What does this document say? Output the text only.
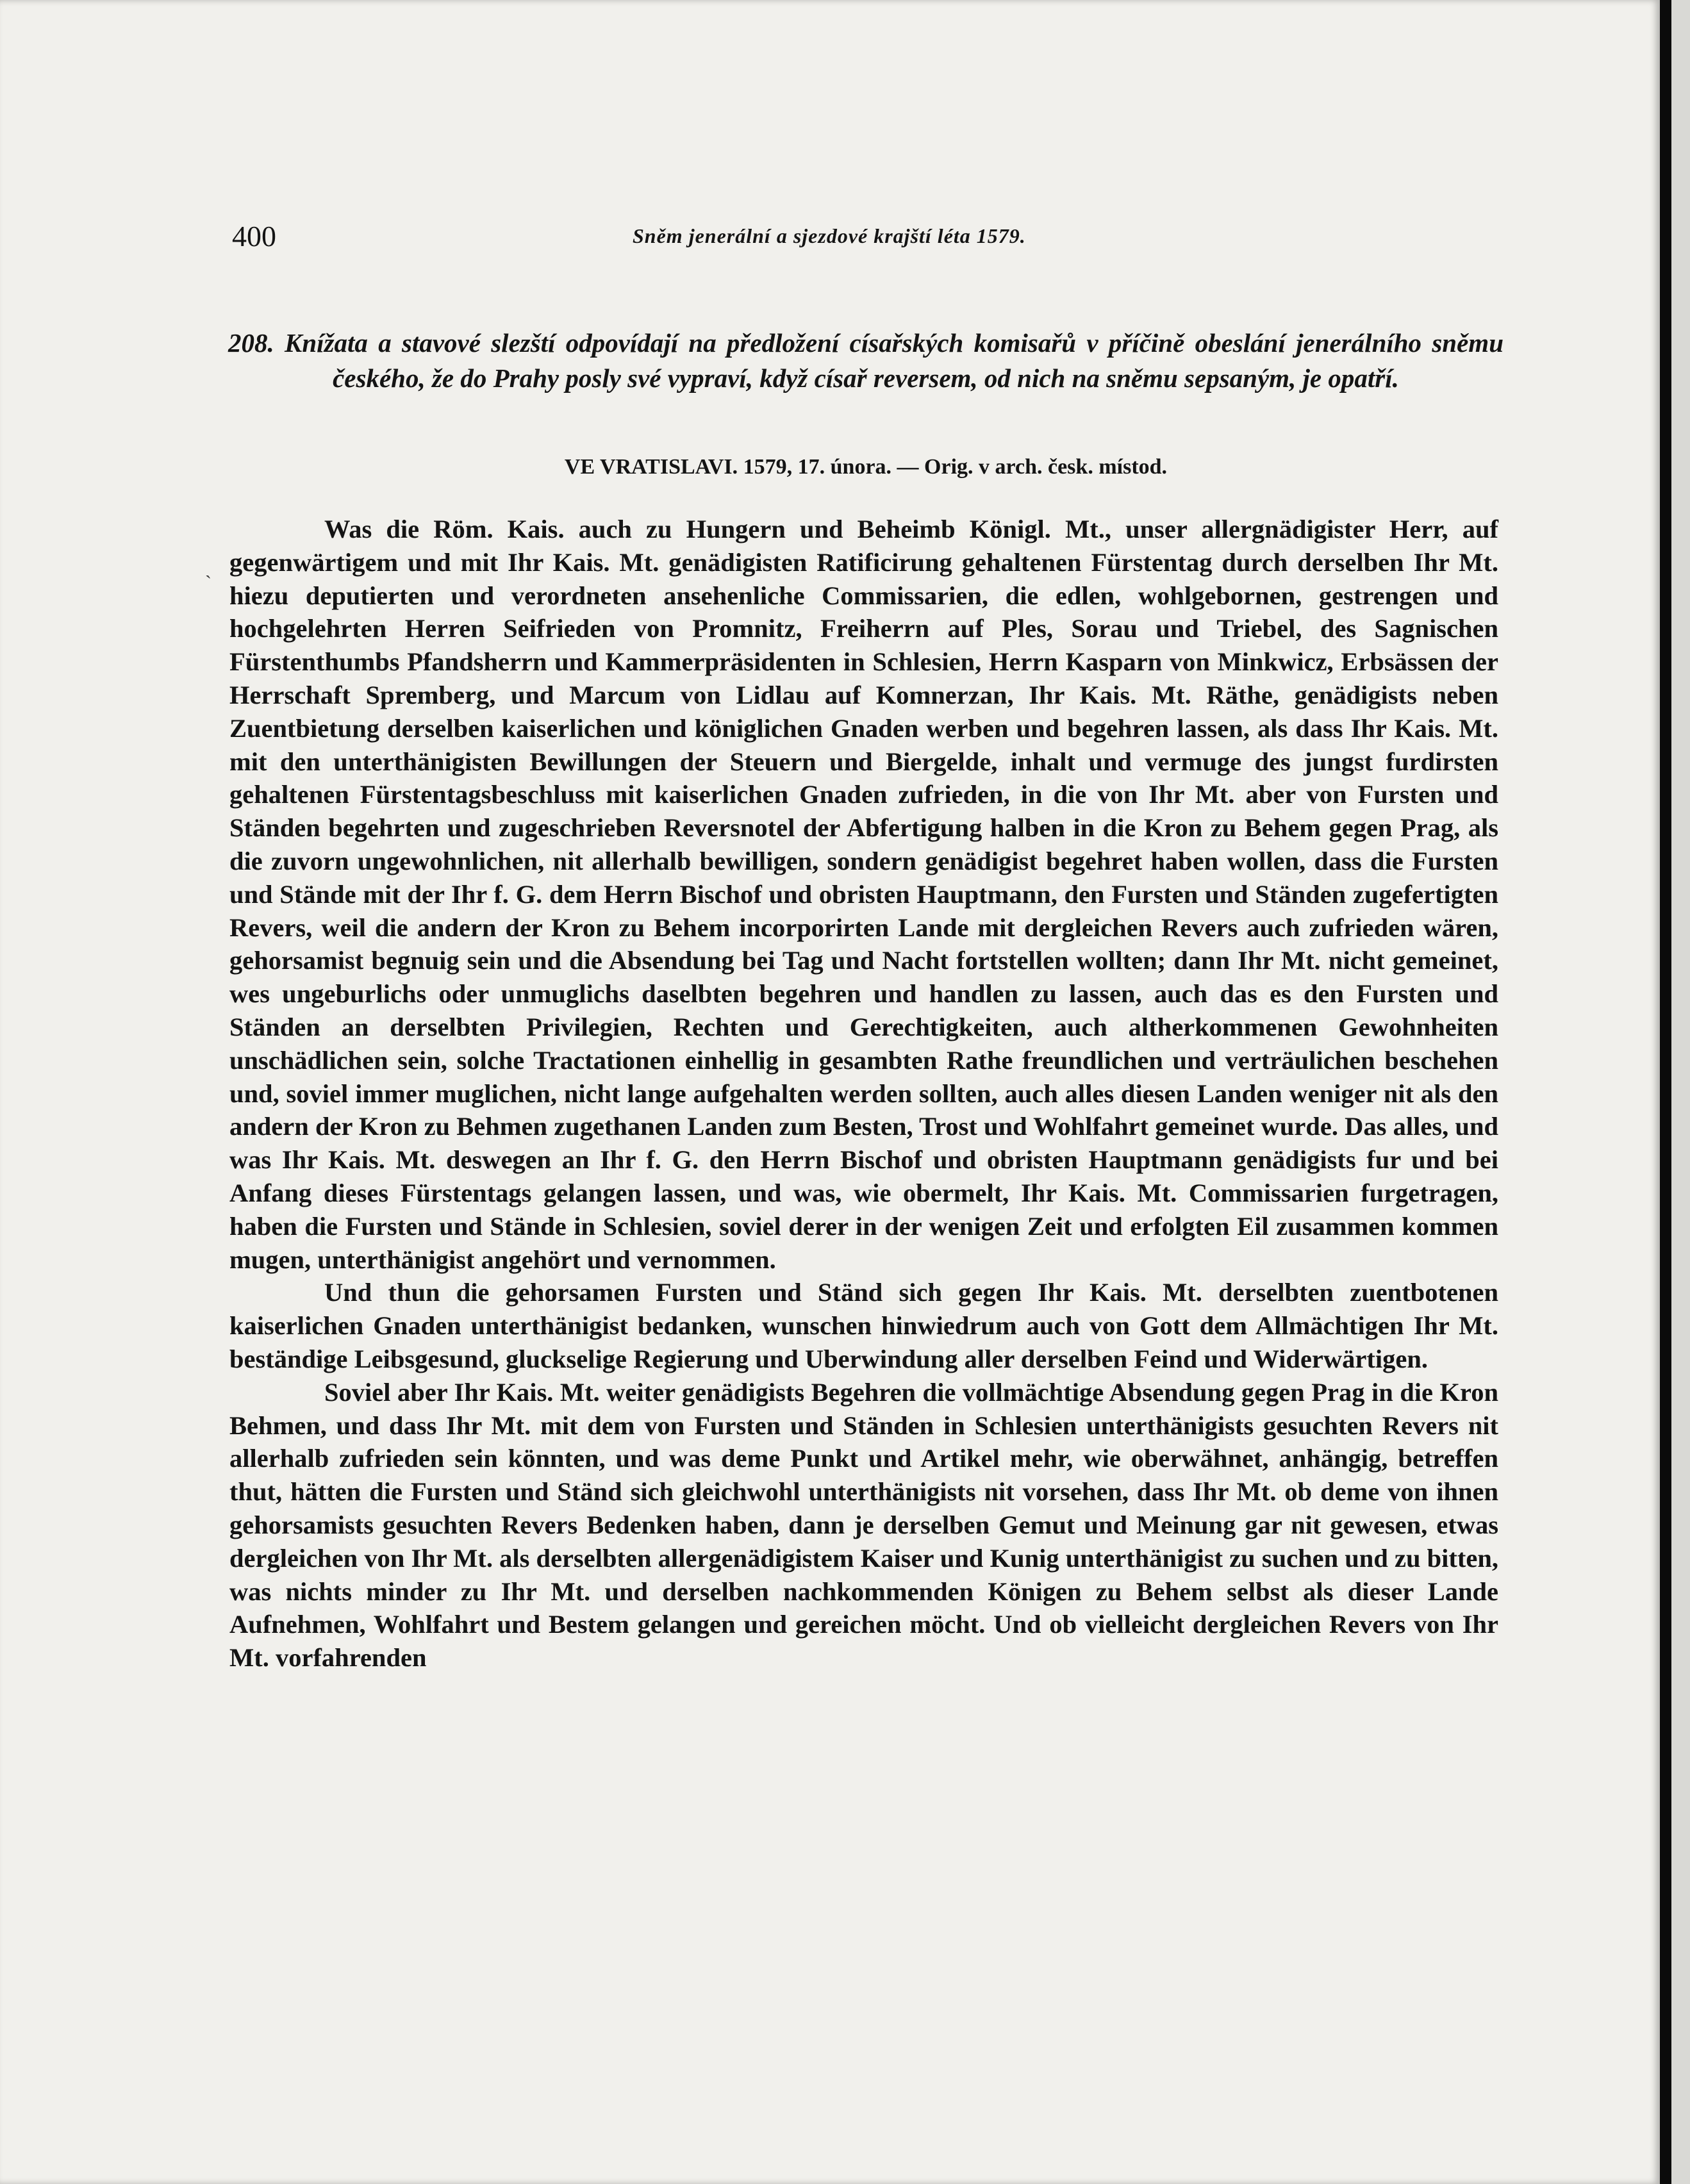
400	Sněm jenerální a sjezdové krajští léta 1579.
208. Knížata a stavové slezští odpovídají na předložení císařských komisařů v příčině obeslání jenerálního sněmu českého, že do Prahy posly své vypraví, když císař reversem, od nich na sněmu sepsaným, je opatří.
VE VRATISLAVI. 1579, 17. února. — Orig. v arch. česk. místod.
ˎ

Was die Röm. Kais. auch zu Hungern und Beheimb Königl. Mt., unser allergnädigister Herr, auf gegenwärtigem und mit Ihr Kais. Mt. genädigisten Ratificirung gehaltenen Fürstentag durch derselben Ihr Mt. hiezu deputierten und verordneten ansehenliche Commissarien, die edlen, wohlgebornen, gestrengen und hochgelehrten Herren Seifrieden von Promnitz, Freiherrn auf Ples, Sorau und Triebel, des Sagnischen Fürstenthumbs Pfandsherrn und Kammerpräsidenten in Schlesien, Herrn Kasparn von Minkwicz, Erbsässen der Herrschaft Spremberg, und Marcum von Lidlau auf Komnerzan, Ihr Kais. Mt. Räthe, genädigists neben Zuentbietung derselben kaiserlichen und königlichen Gnaden werben und begehren lassen, als dass Ihr Kais. Mt. mit den unterthänigisten Bewillungen der Steuern und Biergelde, inhalt und vermuge des jungst furdirsten gehaltenen Fürstentagsbeschluss mit kaiserlichen Gnaden zufrieden, in die von Ihr Mt. aber von Fursten und Ständen begehrten und zugeschrieben Reversnotel der Abfertigung halben in die Kron zu Behem gegen Prag, als die zuvorn ungewohnlichen, nit allerhalb bewilligen, sondern genädigist begehret haben wollen, dass die Fursten und Stände mit der Ihr f. G. dem Herrn Bischof und obristen Hauptmann, den Fursten und Ständen zugefertigten Revers, weil die andern der Kron zu Behem incorporirten Lande mit dergleichen Revers auch zufrieden wären, gehorsamist begnuig sein und die Absendung bei Tag und Nacht fortstellen wollten; dann Ihr Mt. nicht gemeinet, wes ungeburlichs oder unmuglichs daselbten begehren und handlen zu lassen, auch das es den Fursten und Ständen an derselbten Privilegien, Rechten und Gerechtigkeiten, auch altherkommenen Gewohnheiten unschädlichen sein, solche Tractationen einhellig in gesambten Rathe freundlichen und verträulichen beschehen und, soviel immer muglichen, nicht lange aufgehalten werden sollten, auch alles diesen Landen weniger nit als den andern der Kron zu Behmen zugethanen Landen zum Besten, Trost und Wohlfahrt gemeinet wurde. Das alles, und was Ihr Kais. Mt. deswegen an Ihr f. G. den Herrn Bischof und obristen Hauptmann genädigists fur und bei Anfang dieses Fürstentags gelangen lassen, und was, wie obermelt, Ihr Kais. Mt. Commissarien furgetragen, haben die Fursten und Stände in Schlesien, soviel derer in der wenigen Zeit und erfolgten Eil zusammen kommen mugen, unterthänigist angehört und vernommen.

Und thun die gehorsamen Fursten und Ständ sich gegen Ihr Kais. Mt. derselbten zuentbotenen kaiserlichen Gnaden unterthänigist bedanken, wunschen hinwiedrum auch von Gott dem Allmächtigen Ihr Mt. beständige Leibsgesund, gluckselige Regierung und Uberwindung aller derselben Feind und Widerwärtigen.

Soviel aber Ihr Kais. Mt. weiter genädigists Begehren die vollmächtige Absendung gegen Prag in die Kron Behmen, und dass Ihr Mt. mit dem von Fursten und Ständen in Schlesien unterthänigists gesuchten Revers nit allerhalb zufrieden sein könnten, und was deme Punkt und Artikel mehr, wie oberwähnet, anhängig, betreffen thut, hätten die Fursten und Ständ sich gleichwohl unterthänigists nit vorsehen, dass Ihr Mt. ob deme von ihnen gehorsamists gesuchten Revers Bedenken haben, dann je derselben Gemut und Meinung gar nit gewesen, etwas dergleichen von Ihr Mt. als derselbten allergenädigistem Kaiser und Kunig unterthänigist zu suchen und zu bitten, was nichts minder zu Ihr Mt. und derselben nachkommenden Königen zu Behem selbst als dieser Lande Aufnehmen, Wohlfahrt und Bestem gelangen und gereichen möcht. Und ob vielleicht dergleichen Revers von Ihr Mt. vorfahrenden
